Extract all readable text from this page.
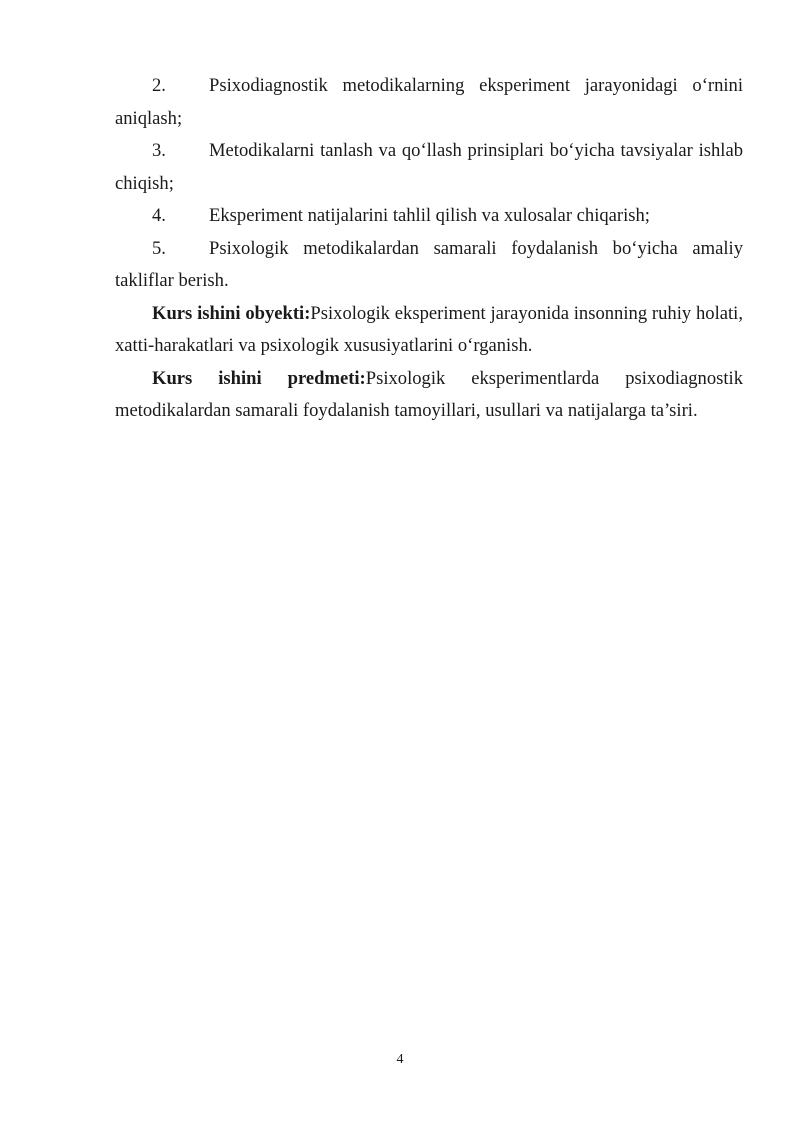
2. Psixodiagnostik metodikalarning eksperiment jarayonidagi o‘rnini aniqlash;

3. Metodikalarni tanlash va qo‘llash prinsiplari bo‘yicha tavsiyalar ishlab chiqish;

4. Eksperiment natijalarini tahlil qilish va xulosalar chiqarish;

5. Psixologik metodikalardan samarali foydalanish bo‘yicha amaliy takliflar berish.

Kurs ishini obyekti:Psixologik eksperiment jarayonida insonning ruhiy holati, xatti-harakatlari va psixologik xususiyatlarini o‘rganish.

Kurs ishini predmeti:Psixologik eksperimentlarda psixodiagnostik metodikalardan samarali foydalanish tamoyillari, usullari va natijalarga ta’siri.

4
